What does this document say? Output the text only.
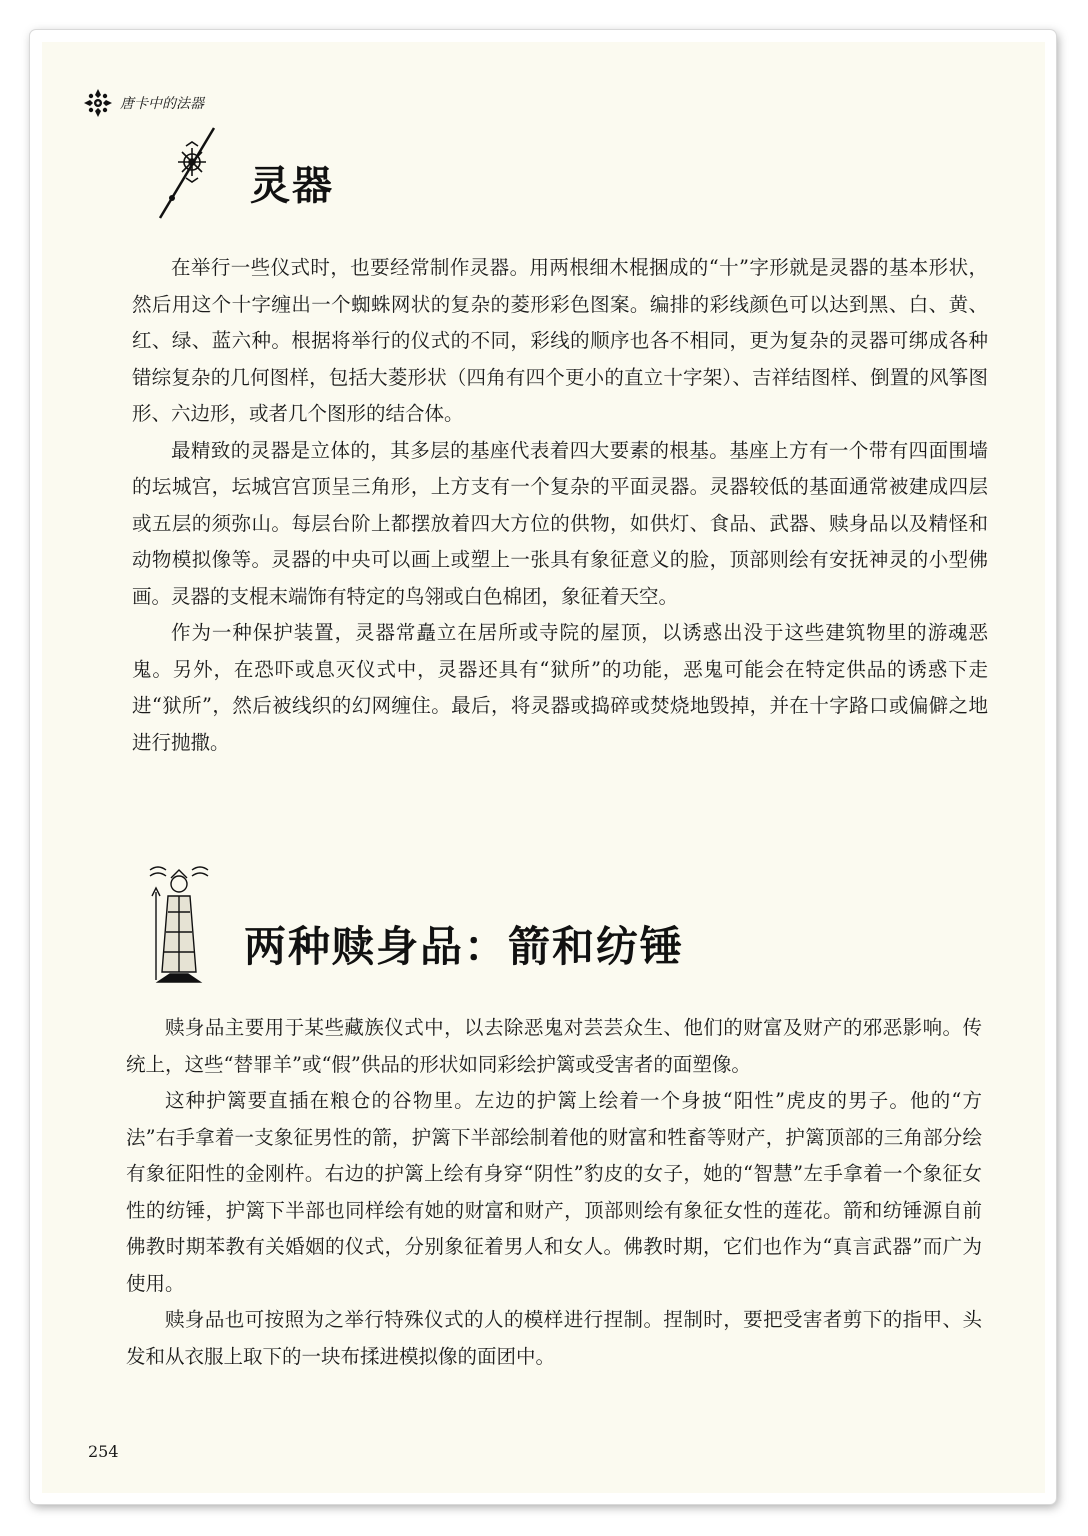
唐卡中的法器
灵器

在举行一些仪式时，也要经常制作灵器。用两根细木棍捆成的“十”字形就是灵器的基本形状，然后用这个十字缠出一个蜘蛛网状的复杂的菱形彩色图案。编排的彩线颜色可以达到黑、白、黄、红、绿、蓝六种。根据将举行的仪式的不同，彩线的顺序也各不相同，更为复杂的灵器可绑成各种错综复杂的几何图样，包括大菱形状（四角有四个更小的直立十字架）、吉祥结图样、倒置的风筝图形、六边形，或者几个图形的结合体。

最精致的灵器是立体的，其多层的基座代表着四大要素的根基。基座上方有一个带有四面围墙的坛城宫，坛城宫宫顶呈三角形，上方支有一个复杂的平面灵器。灵器较低的基面通常被建成四层或五层的须弥山。每层台阶上都摆放着四大方位的供物，如供灯、食品、武器、赎身品以及精怪和动物模拟像等。灵器的中央可以画上或塑上一张具有象征意义的脸，顶部则绘有安抚神灵的小型佛画。灵器的支棍末端饰有特定的鸟翎或白色棉团，象征着天空。

作为一种保护装置，灵器常矗立在居所或寺院的屋顶，以诱惑出没于这些建筑物里的游魂恶鬼。另外，在恐吓或息灭仪式中，灵器还具有“狱所”的功能，恶鬼可能会在特定供品的诱惑下走进“狱所”，然后被线织的幻网缠住。最后，将灵器或捣碎或焚烧地毁掉，并在十字路口或偏僻之地进行抛撒。

两种赎身品：箭和纺锤

赎身品主要用于某些藏族仪式中，以去除恶鬼对芸芸众生、他们的财富及财产的邪恶影响。传统上，这些“替罪羊”或“假”供品的形状如同彩绘护篱或受害者的面塑像。

这种护篱要直插在粮仓的谷物里。左边的护篱上绘着一个身披“阳性”虎皮的男子。他的“方法”右手拿着一支象征男性的箭，护篱下半部绘制着他的财富和牲畜等财产，护篱顶部的三角部分绘有象征阳性的金刚杵。右边的护篱上绘有身穿“阴性”豹皮的女子，她的“智慧”左手拿着一个象征女性的纺锤，护篱下半部也同样绘有她的财富和财产，顶部则绘有象征女性的莲花。箭和纺锤源自前佛教时期苯教有关婚姻的仪式，分别象征着男人和女人。佛教时期，它们也作为“真言武器”而广为使用。

赎身品也可按照为之举行特殊仪式的人的模样进行捏制。捏制时，要把受害者剪下的指甲、头发和从衣服上取下的一块布揉进模拟像的面团中。

254
